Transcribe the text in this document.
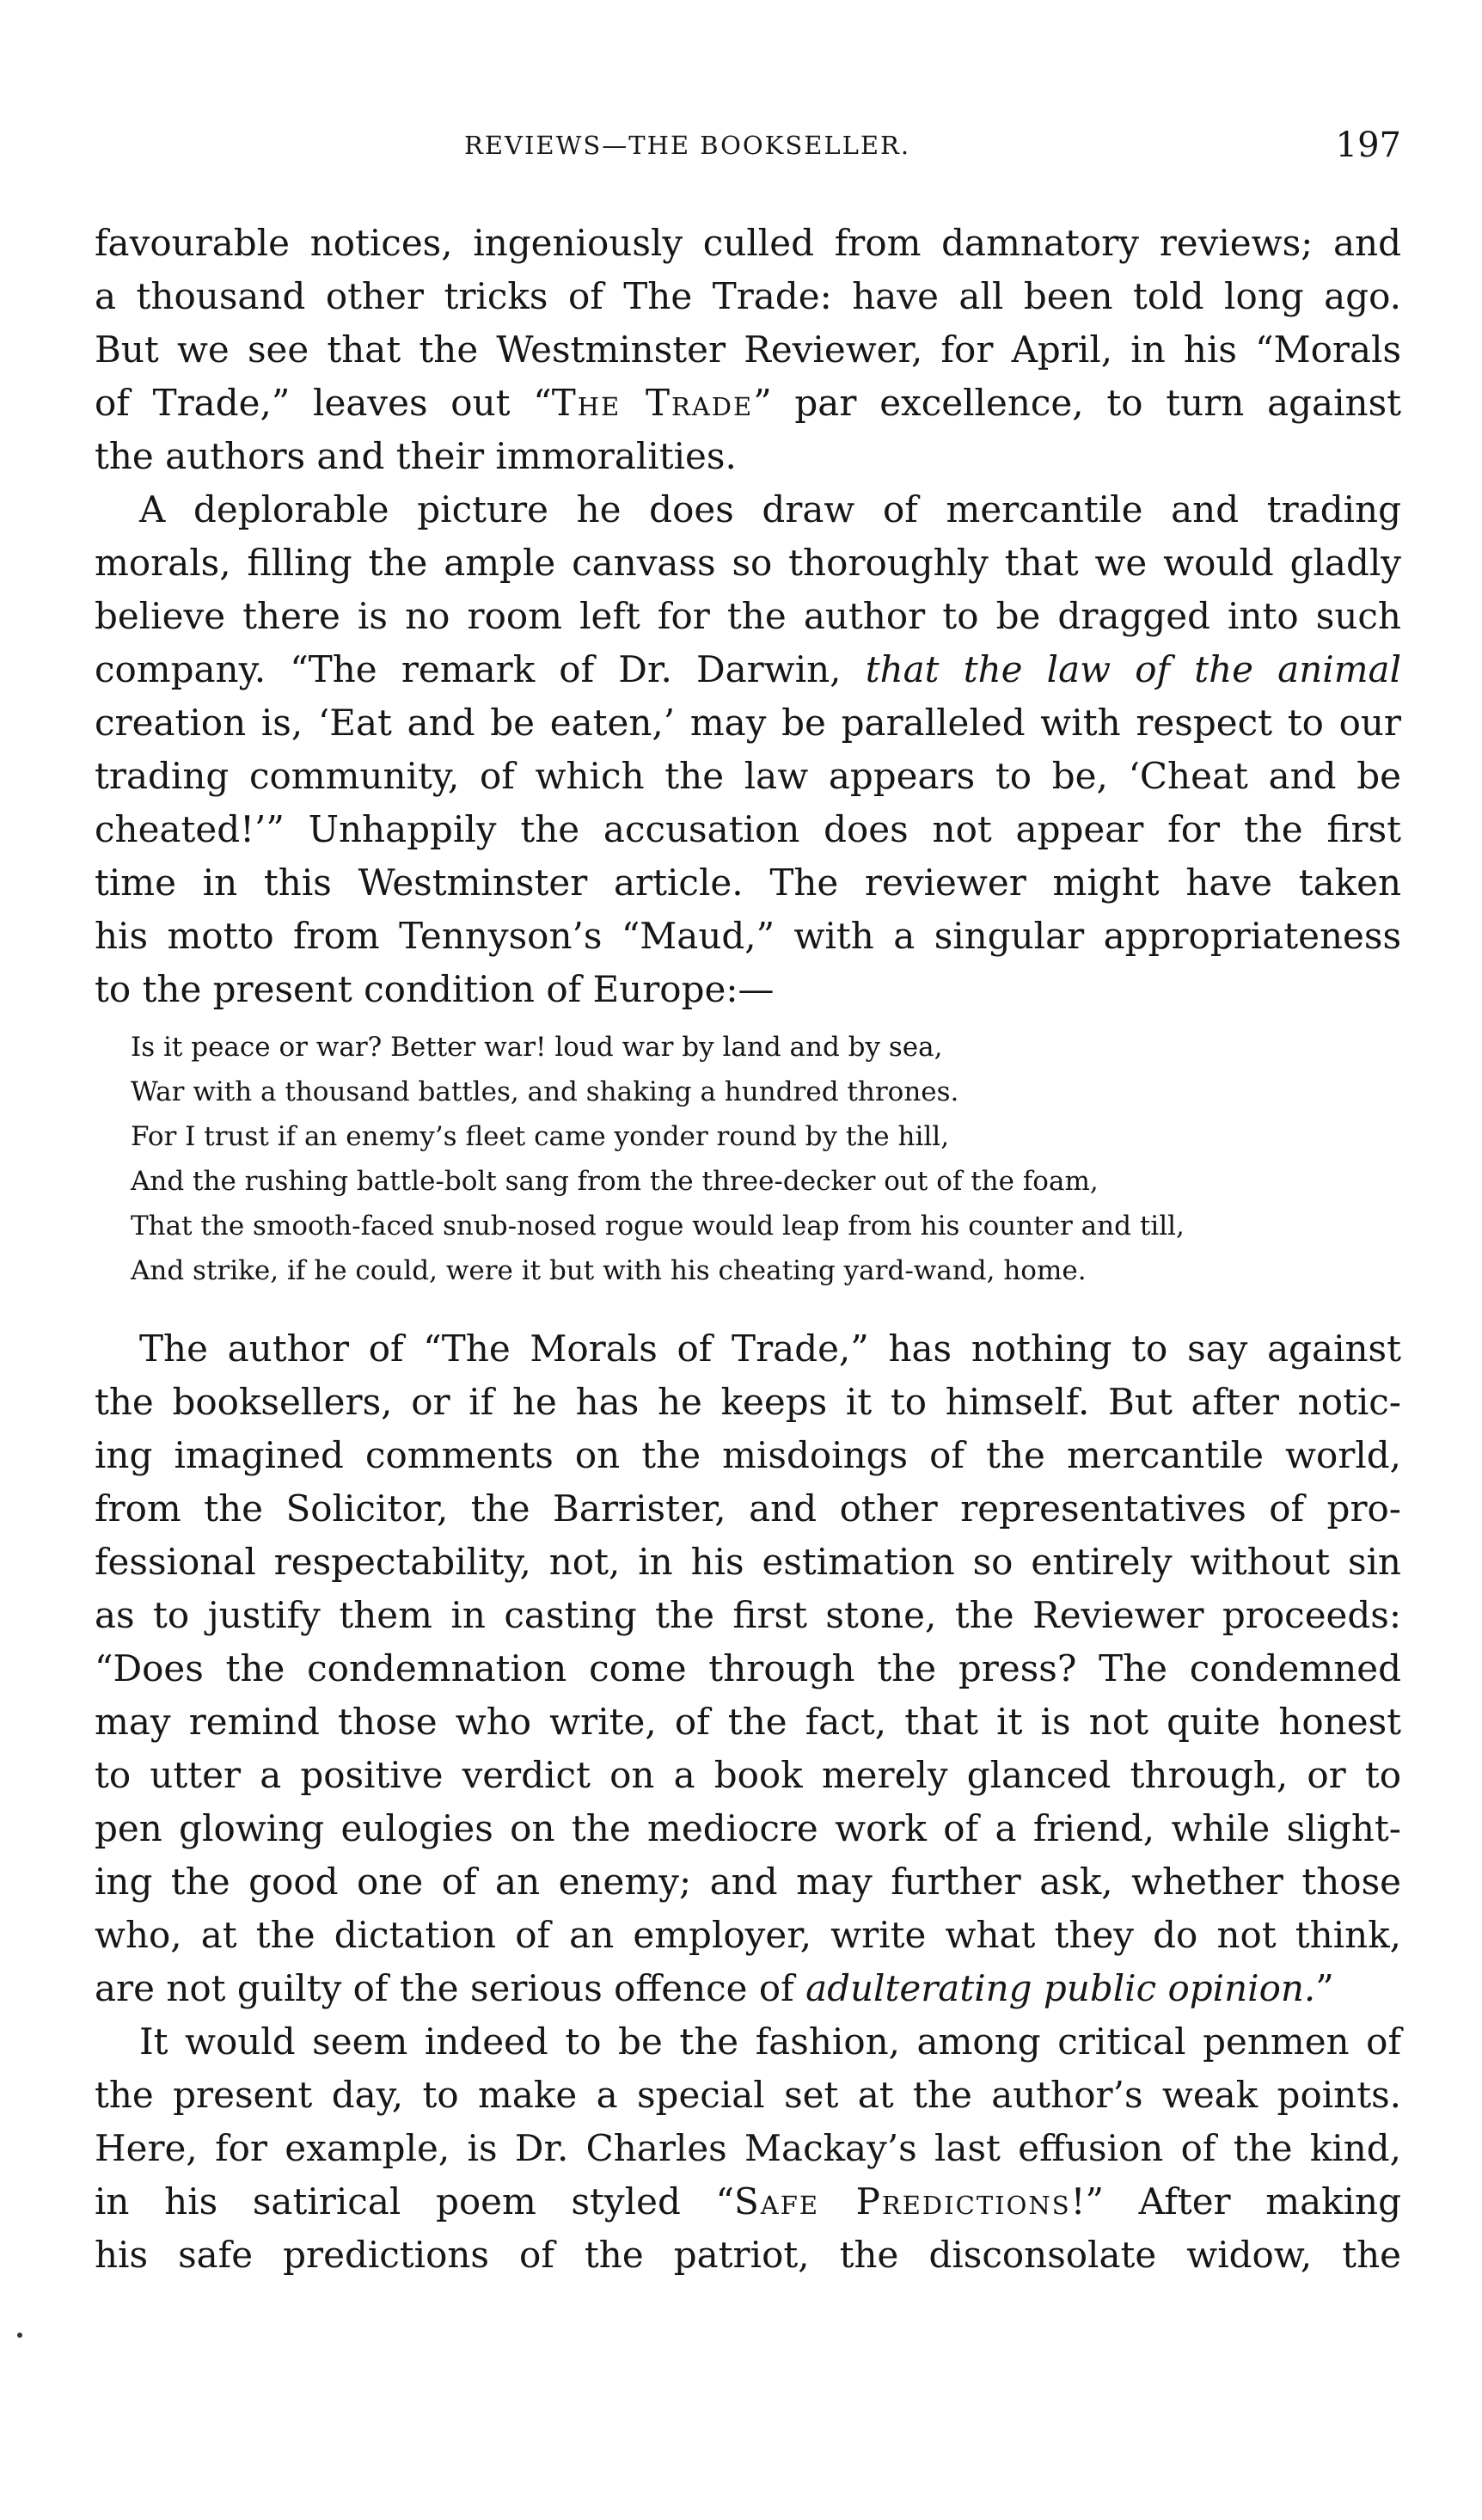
REVIEWS—THE BOOKSELLER.	197
favourable notices, ingeniously culled from damnatory reviews; and
a thousand other tricks of The Trade: have all been told long ago.
But we see that the Westminster Reviewer, for April, in his “Morals
of Trade,” leaves out “The Trade” par excellence, to turn against
the authors and their immoralities.
A deplorable picture he does draw of mercantile and trading
morals, filling the ample canvass so thoroughly that we would gladly
believe there is no room left for the author to be dragged into such
company. “The remark of Dr. Darwin, that the law of the animal
creation is, ‘Eat and be eaten,’ may be paralleled with respect to our
trading community, of which the law appears to be, ‘Cheat and be
cheated!’” Unhappily the accusation does not appear for the first
time in this Westminster article. The reviewer might have taken
his motto from Tennyson’s “Maud,” with a singular appropriateness
to the present condition of Europe:—
Is it peace or war? Better war! loud war by land and by sea,
War with a thousand battles, and shaking a hundred thrones.
For I trust if an enemy’s fleet came yonder round by the hill,
And the rushing battle-bolt sang from the three-decker out of the foam,
That the smooth-faced snub-nosed rogue would leap from his counter and till,
And strike, if he could, were it but with his cheating yard-wand, home.
The author of “The Morals of Trade,” has nothing to say against
the booksellers, or if he has he keeps it to himself. But after notic-
ing imagined comments on the misdoings of the mercantile world,
from the Solicitor, the Barrister, and other representatives of pro-
fessional respectability, not, in his estimation so entirely without sin
as to justify them in casting the first stone, the Reviewer proceeds:
“Does the condemnation come through the press? The condemned
may remind those who write, of the fact, that it is not quite honest
to utter a positive verdict on a book merely glanced through, or to
pen glowing eulogies on the mediocre work of a friend, while slight-
ing the good one of an enemy; and may further ask, whether those
who, at the dictation of an employer, write what they do not think,
are not guilty of the serious offence of adulterating public opinion.”
It would seem indeed to be the fashion, among critical penmen of
the present day, to make a special set at the author’s weak points.
Here, for example, is Dr. Charles Mackay’s last effusion of the kind,
in his satirical poem styled “Safe Predictions!” After making
his safe predictions of the patriot, the disconsolate widow, the
